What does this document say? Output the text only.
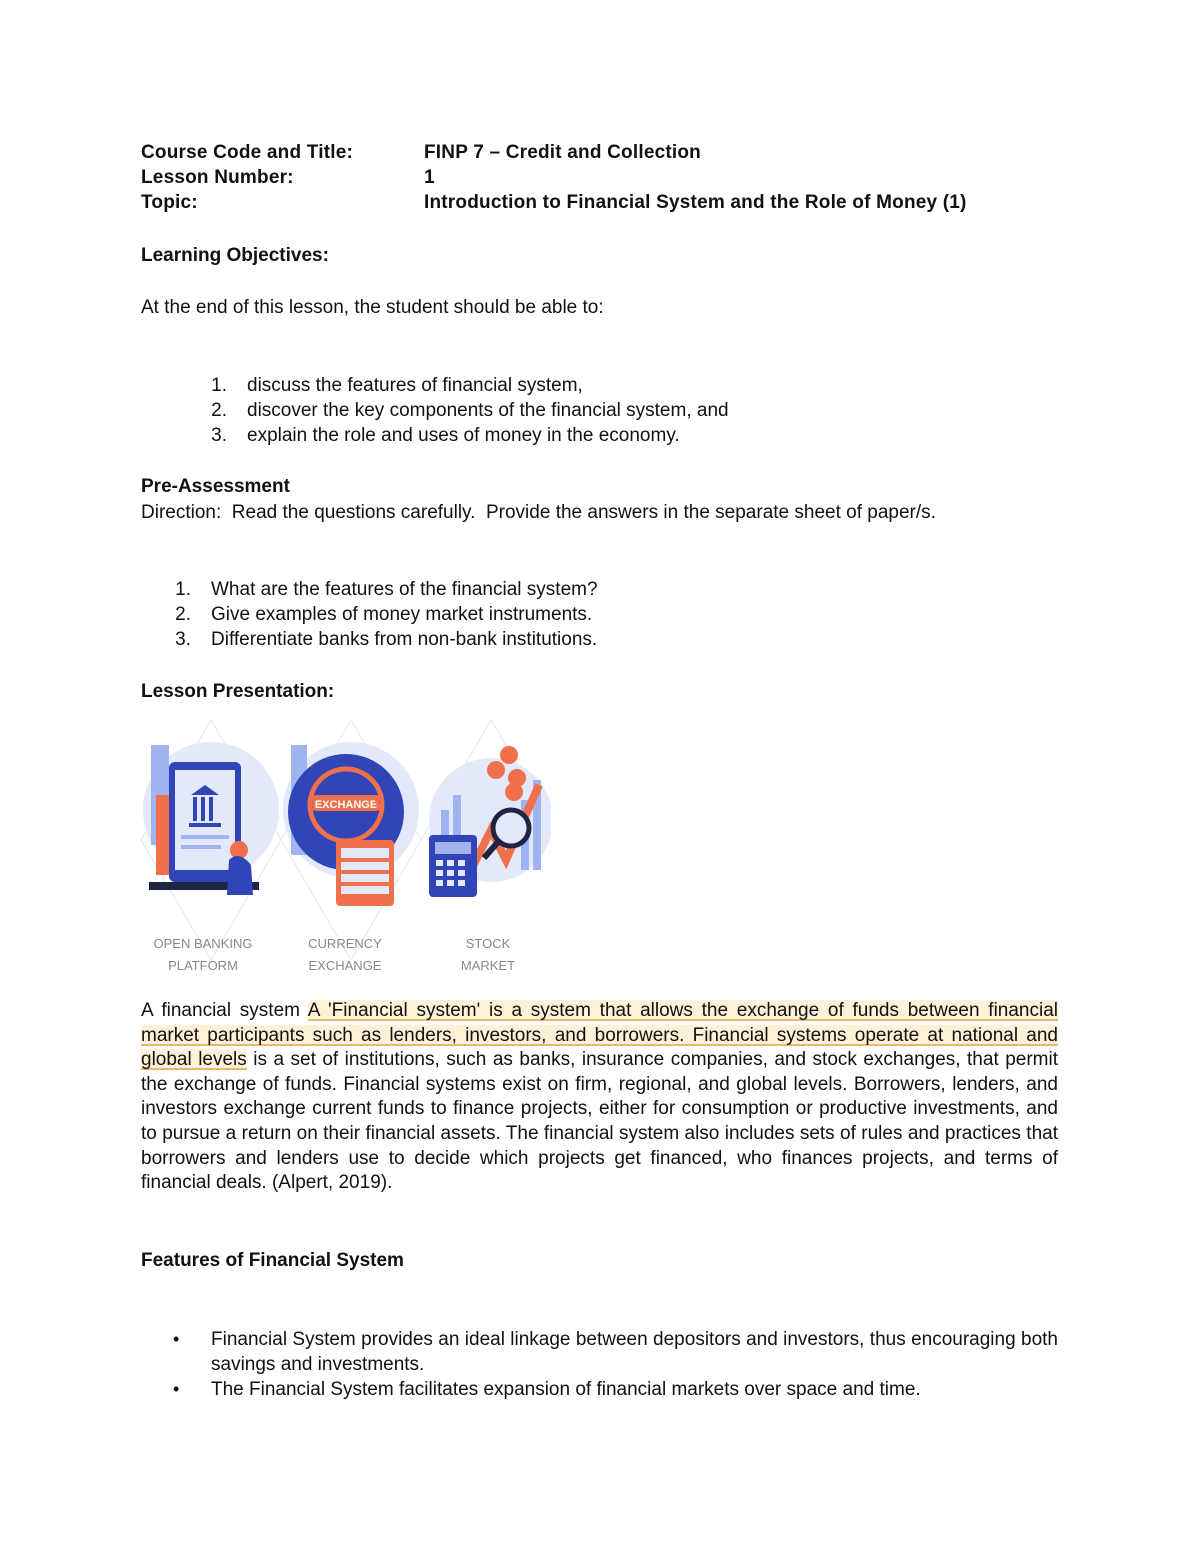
Course Code and Title:	FINP 7 – Credit and Collection
Lesson Number:	1
Topic:	Introduction to Financial System and the Role of Money (1)
Learning Objectives:
At the end of this lesson, the student should be able to:
1. discuss the features of financial system,
2. discover the key components of the financial system, and
3. explain the role and uses of money in the economy.
Pre-Assessment
Direction:  Read the questions carefully.  Provide the answers in the separate sheet of paper/s.
1. What are the features of the financial system?
2. Give examples of money market instruments.
3. Differentiate banks from non-bank institutions.
Lesson Presentation:
EXCHANGE
$	¥
OPEN BANKING
PLATFORM
CURRENCY
EXCHANGE
STOCK
MARKET
A financial system A 'Financial system' is a system that allows the exchange of funds between financial market participants such as lenders, investors, and borrowers. Financial systems operate at national and global levels is a set of institutions, such as banks, insurance companies, and stock exchanges, that permit the exchange of funds. Financial systems exist on firm, regional, and global levels. Borrowers, lenders, and investors exchange current funds to finance projects, either for consumption or productive investments, and to pursue a return on their financial assets. The financial system also includes sets of rules and practices that borrowers and lenders use to decide which projects get financed, who finances projects, and terms of financial deals. (Alpert, 2019).
Features of Financial System
• Financial System provides an ideal linkage between depositors and investors, thus encouraging both savings and investments.
• The Financial System facilitates expansion of financial markets over space and time.
